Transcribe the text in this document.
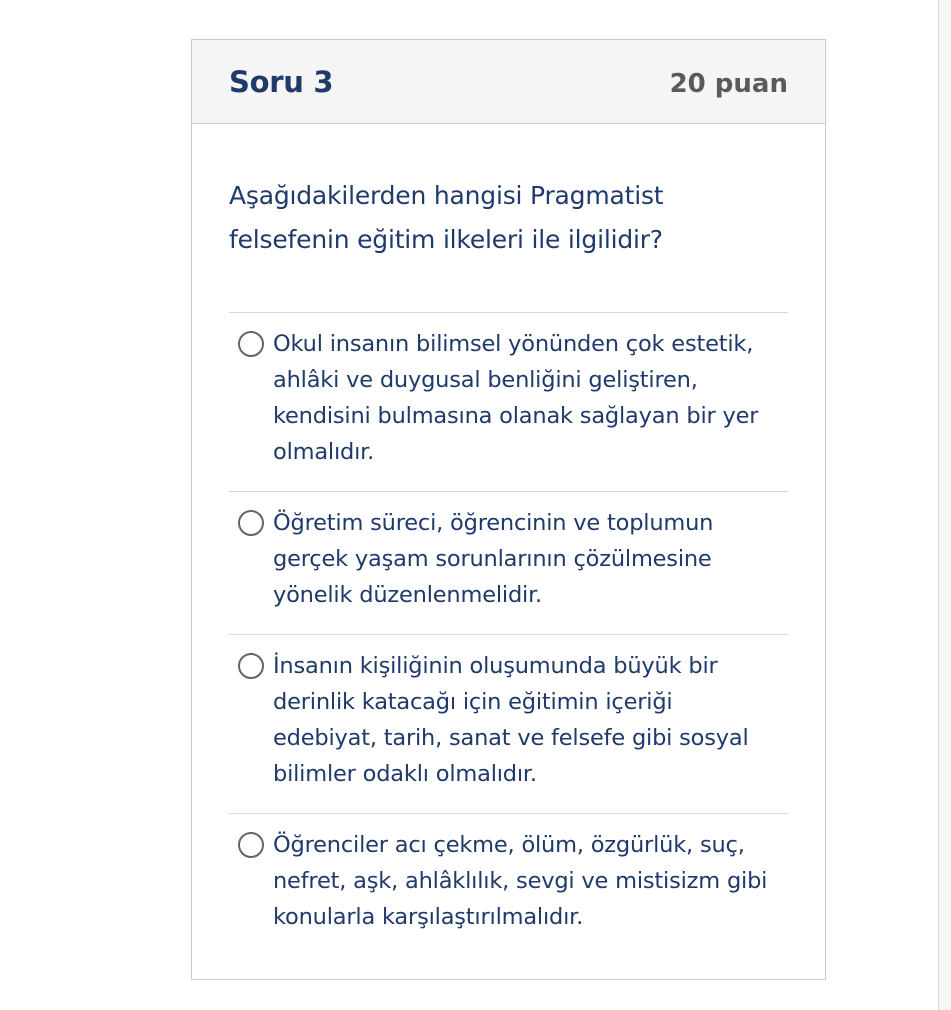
Soru 3	20 puan

Aşağıdakilerden hangisi Pragmatist felsefenin eğitim ilkeleri ile ilgilidir?

Okul insanın bilimsel yönünden çok estetik, ahlâki ve duygusal benliğini geliştiren, kendisini bulmasına olanak sağlayan bir yer olmalıdır.
Öğretim süreci, öğrencinin ve toplumun gerçek yaşam sorunlarının çözülmesine yönelik düzenlenmelidir.
İnsanın kişiliğinin oluşumunda büyük bir derinlik katacağı için eğitimin içeriği edebiyat, tarih, sanat ve felsefe gibi sosyal bilimler odaklı olmalıdır.
Öğrenciler acı çekme, ölüm, özgürlük, suç, nefret, aşk, ahlâklılık, sevgi ve mistisizm gibi konularla karşılaştırılmalıdır.
